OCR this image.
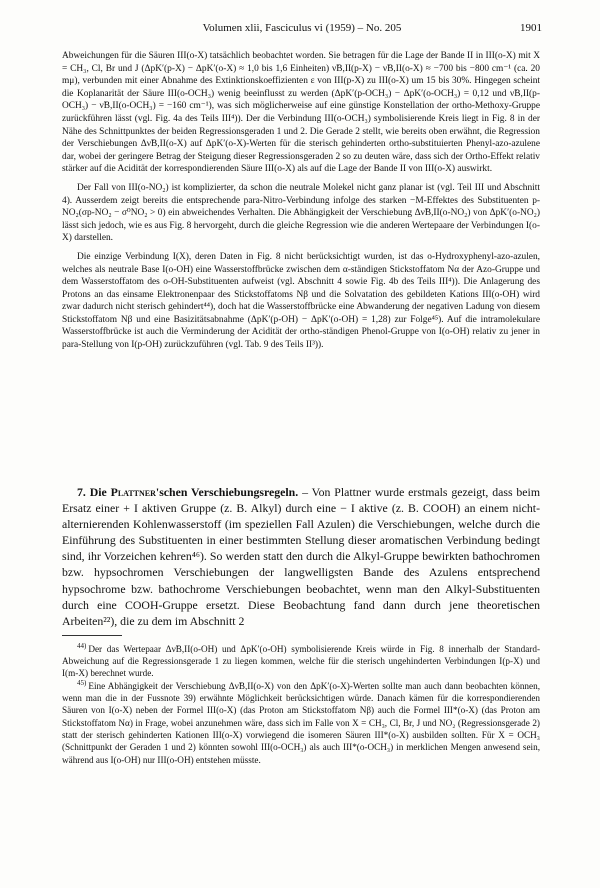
Volumen xlii, Fasciculus vi (1959) – No. 205	1901

Abweichungen für die Säuren III(o-X) tatsächlich beobachtet worden. Sie betragen für die Lage der Bande II in III(o-X) mit X = CH₃, Cl, Br und J (ΔpK′(p-X) − ΔpK′(o-X) ≈ 1,0 bis 1,6 Einheiten) ν̃B,II(p-X) − ν̃B,II(o-X) ≈ −700 bis −800 cm⁻¹ (ca. 20 mμ), verbunden mit einer Abnahme des Extinktionskoeffizienten ε von III(p-X) zu III(o-X) um 15 bis 30%. Hingegen scheint die Koplanarität der Säure III(o-OCH₃) wenig beeinflusst zu werden (ΔpK′(p-OCH₃) − ΔpK′(o-OCH₃) = 0,12 und ν̃B,II(p-OCH₃) − ν̃B,II(o-OCH₃) = −160 cm⁻¹), was sich möglicherweise auf eine günstige Konstellation der ortho-Methoxy-Gruppe zurückführen lässt (vgl. Fig. 4a des Teils III⁴)). Der die Verbindung III(o-OCH₃) symbolisierende Kreis liegt in Fig. 8 in der Nähe des Schnittpunktes der beiden Regressionsgeraden 1 und 2. Die Gerade 2 stellt, wie bereits oben erwähnt, die Regression der Verschiebungen Δν̃B,II(o-X) auf ΔpK′(o-X)-Werten für die sterisch gehinderten ortho-substituierten Phenyl-azo-azulene dar, wobei der geringere Betrag der Steigung dieser Regressionsgeraden 2 so zu deuten wäre, dass sich der Ortho-Effekt relativ stärker auf die Acidität der korrespondierenden Säure III(o-X) als auf die Lage der Bande II von III(o-X) auswirkt.

Der Fall von III(o-NO₂) ist komplizierter, da schon die neutrale Molekel nicht ganz planar ist (vgl. Teil III und Abschnitt 4). Ausserdem zeigt bereits die entsprechende para-Nitro-Verbindung infolge des starken −M-Effektes des Substituenten p-NO₂(σp-NO₂ − σ⁰NO₂ > 0) ein abweichendes Verhalten. Die Abhängigkeit der Verschiebung Δν̃B,II(o-NO₂) von ΔpK′(o-NO₂) lässt sich jedoch, wie es aus Fig. 8 hervorgeht, durch die gleiche Regression wie die anderen Wertepaare der Verbindungen I(o-X) darstellen.

Die einzige Verbindung I(X), deren Daten in Fig. 8 nicht berücksichtigt wurden, ist das o-Hydroxyphenyl-azo-azulen, welches als neutrale Base I(o-OH) eine Wasserstoffbrücke zwischen dem α-ständigen Stickstoffatom Nα der Azo-Gruppe und dem Wasserstoffatom des o-OH-Substituenten aufweist (vgl. Abschnitt 4 sowie Fig. 4b des Teils III⁴)). Die Anlagerung des Protons an das einsame Elektronenpaar des Stickstoffatoms Nβ und die Solvatation des gebildeten Kations III(o-OH) wird zwar dadurch nicht sterisch gehindert⁴⁴), doch hat die Wasserstoffbrücke eine Abwanderung der negativen Ladung von diesem Stickstoffatom Nβ und eine Basizitätsabnahme (ΔpK′(p-OH) − ΔpK′(o-OH) = 1,28) zur Folge⁴⁵). Auf die intramolekulare Wasserstoffbrücke ist auch die Verminderung der Acidität der ortho-ständigen Phenol-Gruppe von I(o-OH) relativ zu jener in para-Stellung von I(p-OH) zurückzuführen (vgl. Tab. 9 des Teils II³)).

7. Die Plattner'schen Verschiebungsregeln. – Von Plattner wurde erstmals gezeigt, dass beim Ersatz einer + I aktiven Gruppe (z. B. Alkyl) durch eine − I aktive (z. B. COOH) an einem nicht-alternierenden Kohlenwasserstoff (im speziellen Fall Azulen) die Verschiebungen, welche durch die Einführung des Substituenten in einer bestimmten Stellung dieser aromatischen Verbindung bedingt sind, ihr Vorzeichen kehren⁴⁶). So werden statt den durch die Alkyl-Gruppe bewirkten bathochromen bzw. hypsochromen Verschiebungen der langwelligsten Bande des Azulens entsprechend hypsochrome bzw. bathochrome Verschiebungen beobachtet, wenn man den Alkyl-Substituenten durch eine COOH-Gruppe ersetzt. Diese Beobachtung fand dann durch jene theoretischen Arbeiten²²), die zu dem im Abschnitt 2

$^{44)}$ Der das Wertepaar Δν̃B,II(o-OH) und ΔpK′(o-OH) symbolisierende Kreis würde in Fig. 8 innerhalb der Standard-Abweichung auf die Regressionsgerade 1 zu liegen kommen, welche für die sterisch ungehinderten Verbindungen I(p-X) und I(m-X) berechnet wurde.

$^{45)}$ Eine Abhängigkeit der Verschiebung Δν̃B,II(o-X) von den ΔpK′(o-X)-Werten sollte man auch dann beobachten können, wenn man die in der Fussnote 39) erwähnte Möglichkeit berücksichtigen würde. Danach kämen für die korrespondierenden Säuren von I(o-X) neben der Formel III(o-X) (das Proton am Stickstoffatom Nβ) auch die Formel III*(o-X) (das Proton am Stickstoffatom Nα) in Frage, wobei anzunehmen wäre, dass sich im Falle von X = CH₃, Cl, Br, J und NO₂ (Regressionsgerade 2) statt der sterisch gehinderten Kationen III(o-X) vorwiegend die isomeren Säuren III*(o-X) ausbilden sollten. Für X = OCH₃ (Schnittpunkt der Geraden 1 und 2) könnten sowohl III(o-OCH₃) als auch III*(o-OCH₃) in merklichen Mengen anwesend sein, während aus I(o-OH) nur III(o-OH) entstehen müsste.
